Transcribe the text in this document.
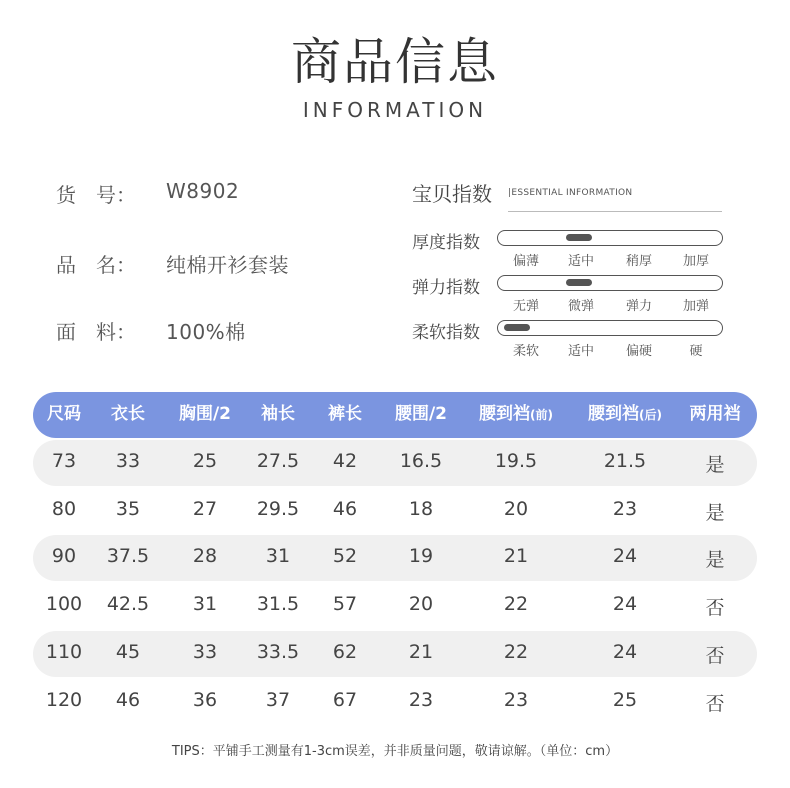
商品信息
INFORMATION
货　号： W8902
品　名： 纯棉开衫套装
面　料： 100%棉
宝贝指数 |ESSENTIAL INFORMATION
厚度指数
偏薄	适中	稍厚	加厚
弹力指数
无弹	微弹	弹力	加弹
柔软指数
柔软	适中	偏硬	硬
尺码	衣长	胸围/2	袖长	裤长	腰围/2	腰到裆(前)	腰到裆(后)	两用裆
73	33	25	27.5	42	16.5	19.5	21.5	是
80	35	27	29.5	46	18	20	23	是
90	37.5	28	31	52	19	21	24	是
100	42.5	31	31.5	57	20	22	24	否
110	45	33	33.5	62	21	22	24	否
120	46	36	37	67	23	23	25	否
TIPS：平铺手工测量有1-3cm误差，并非质量问题，敬请谅解。（单位：cm）
